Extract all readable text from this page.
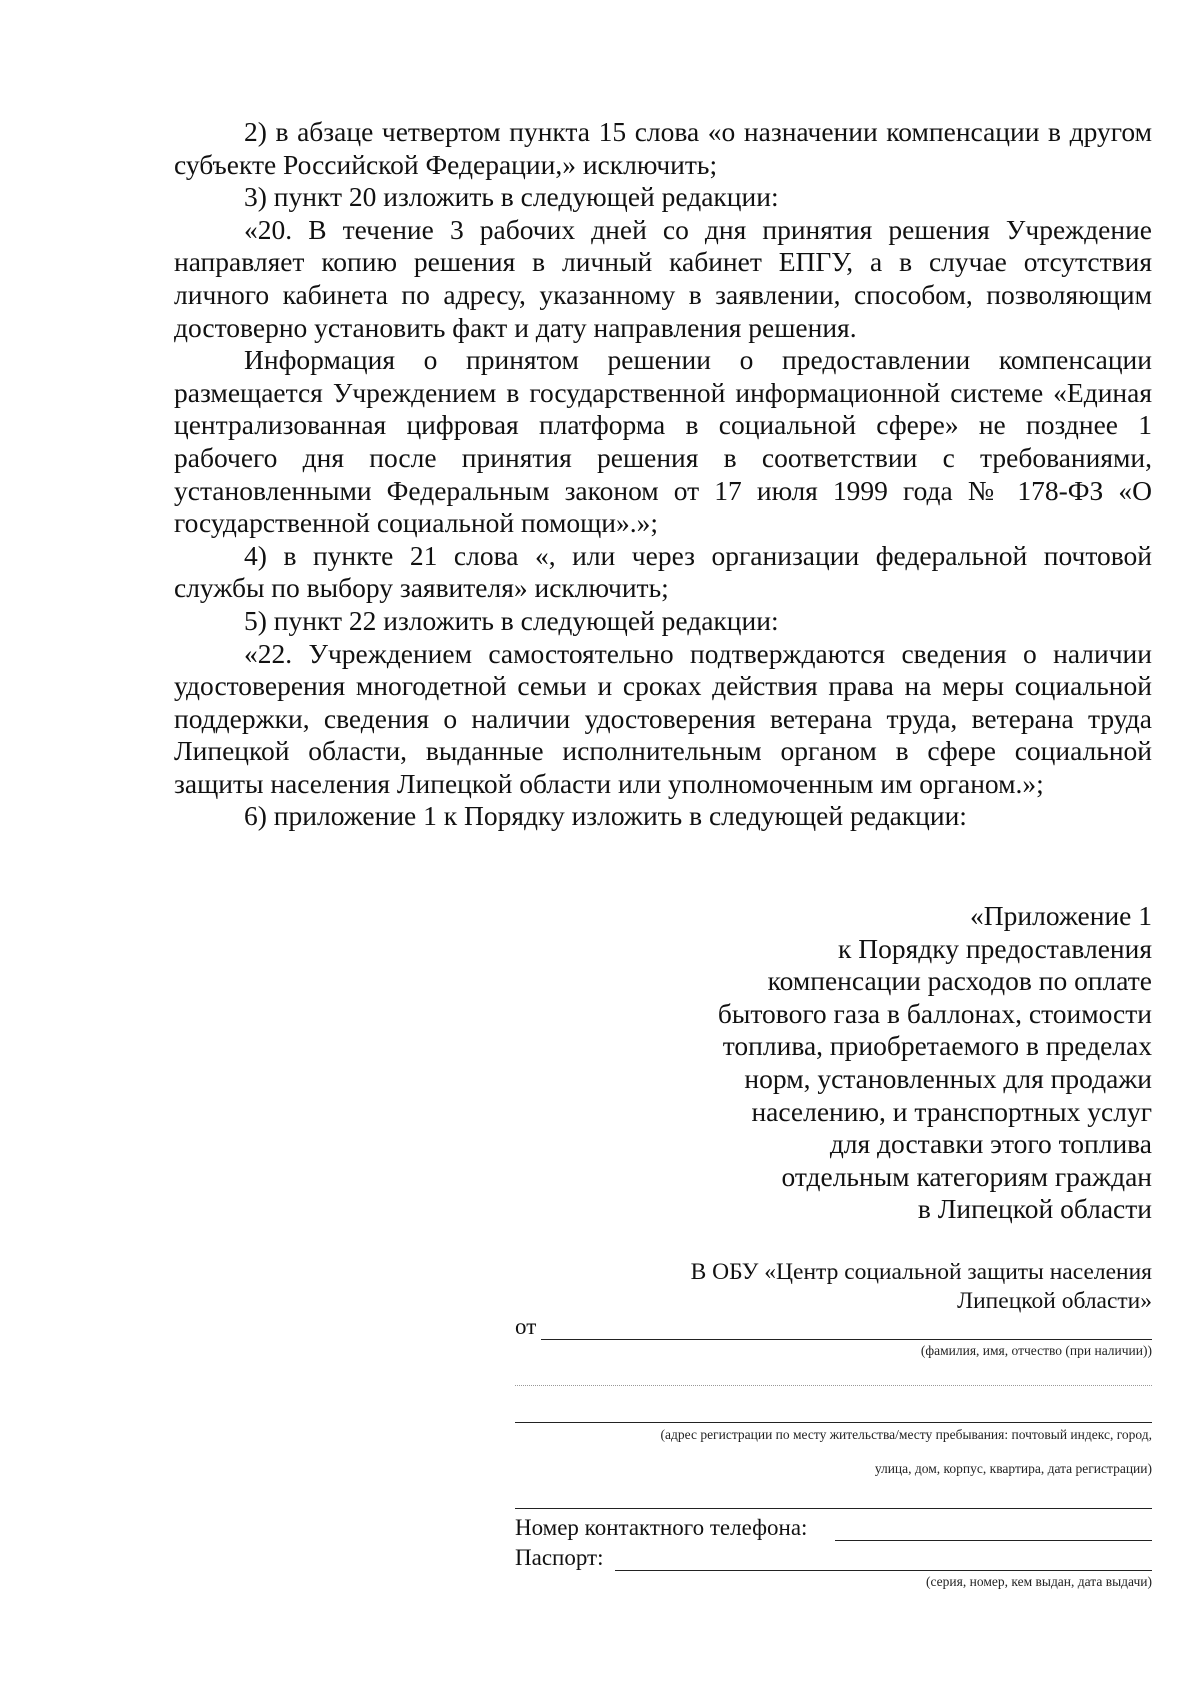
2) в абзаце четвертом пункта 15 слова «о назначении компенсации в другом субъекте Российской Федерации,» исключить;

3) пункт 20 изложить в следующей редакции:

«20. В течение 3 рабочих дней со дня принятия решения Учреждение направляет копию решения в личный кабинет ЕПГУ, а в случае отсутствия личного кабинета по адресу, указанному в заявлении, способом, позволяющим достоверно установить факт и дату направления решения.

Информация о принятом решении о предоставлении компенсации размещается Учреждением в государственной информационной системе «Единая централизованная цифровая платформа в социальной сфере» не позднее 1 рабочего дня после принятия решения в соответствии с требованиями, установленными Федеральным законом от 17 июля 1999 года № 178-ФЗ «О государственной социальной помощи».»;

4) в пункте 21 слова «, или через организации федеральной почтовой службы по выбору заявителя» исключить;

5) пункт 22 изложить в следующей редакции:

«22. Учреждением самостоятельно подтверждаются сведения о наличии удостоверения многодетной семьи и сроках действия права на меры социальной поддержки, сведения о наличии удостоверения ветерана труда, ветерана труда Липецкой области, выданные исполнительным органом в сфере социальной защиты населения Липецкой области или уполномоченным им органом.»;

6) приложение 1 к Порядку изложить в следующей редакции:

«Приложение 1
к Порядку предоставления
компенсации расходов по оплате
бытового газа в баллонах, стоимости
топлива, приобретаемого в пределах
норм, установленных для продажи
населению, и транспортных услуг
для доставки этого топлива
отдельным категориям граждан
в Липецкой области
В ОБУ «Центр социальной защиты населения
Липецкой области»
от
(фамилия, имя, отчество (при наличии))
(адрес регистрации по месту жительства/месту пребывания: почтовый индекс, город,
улица, дом, корпус, квартира, дата регистрации)
Номер контактного телефона:
Паспорт:
(серия, номер, кем выдан, дата выдачи)
